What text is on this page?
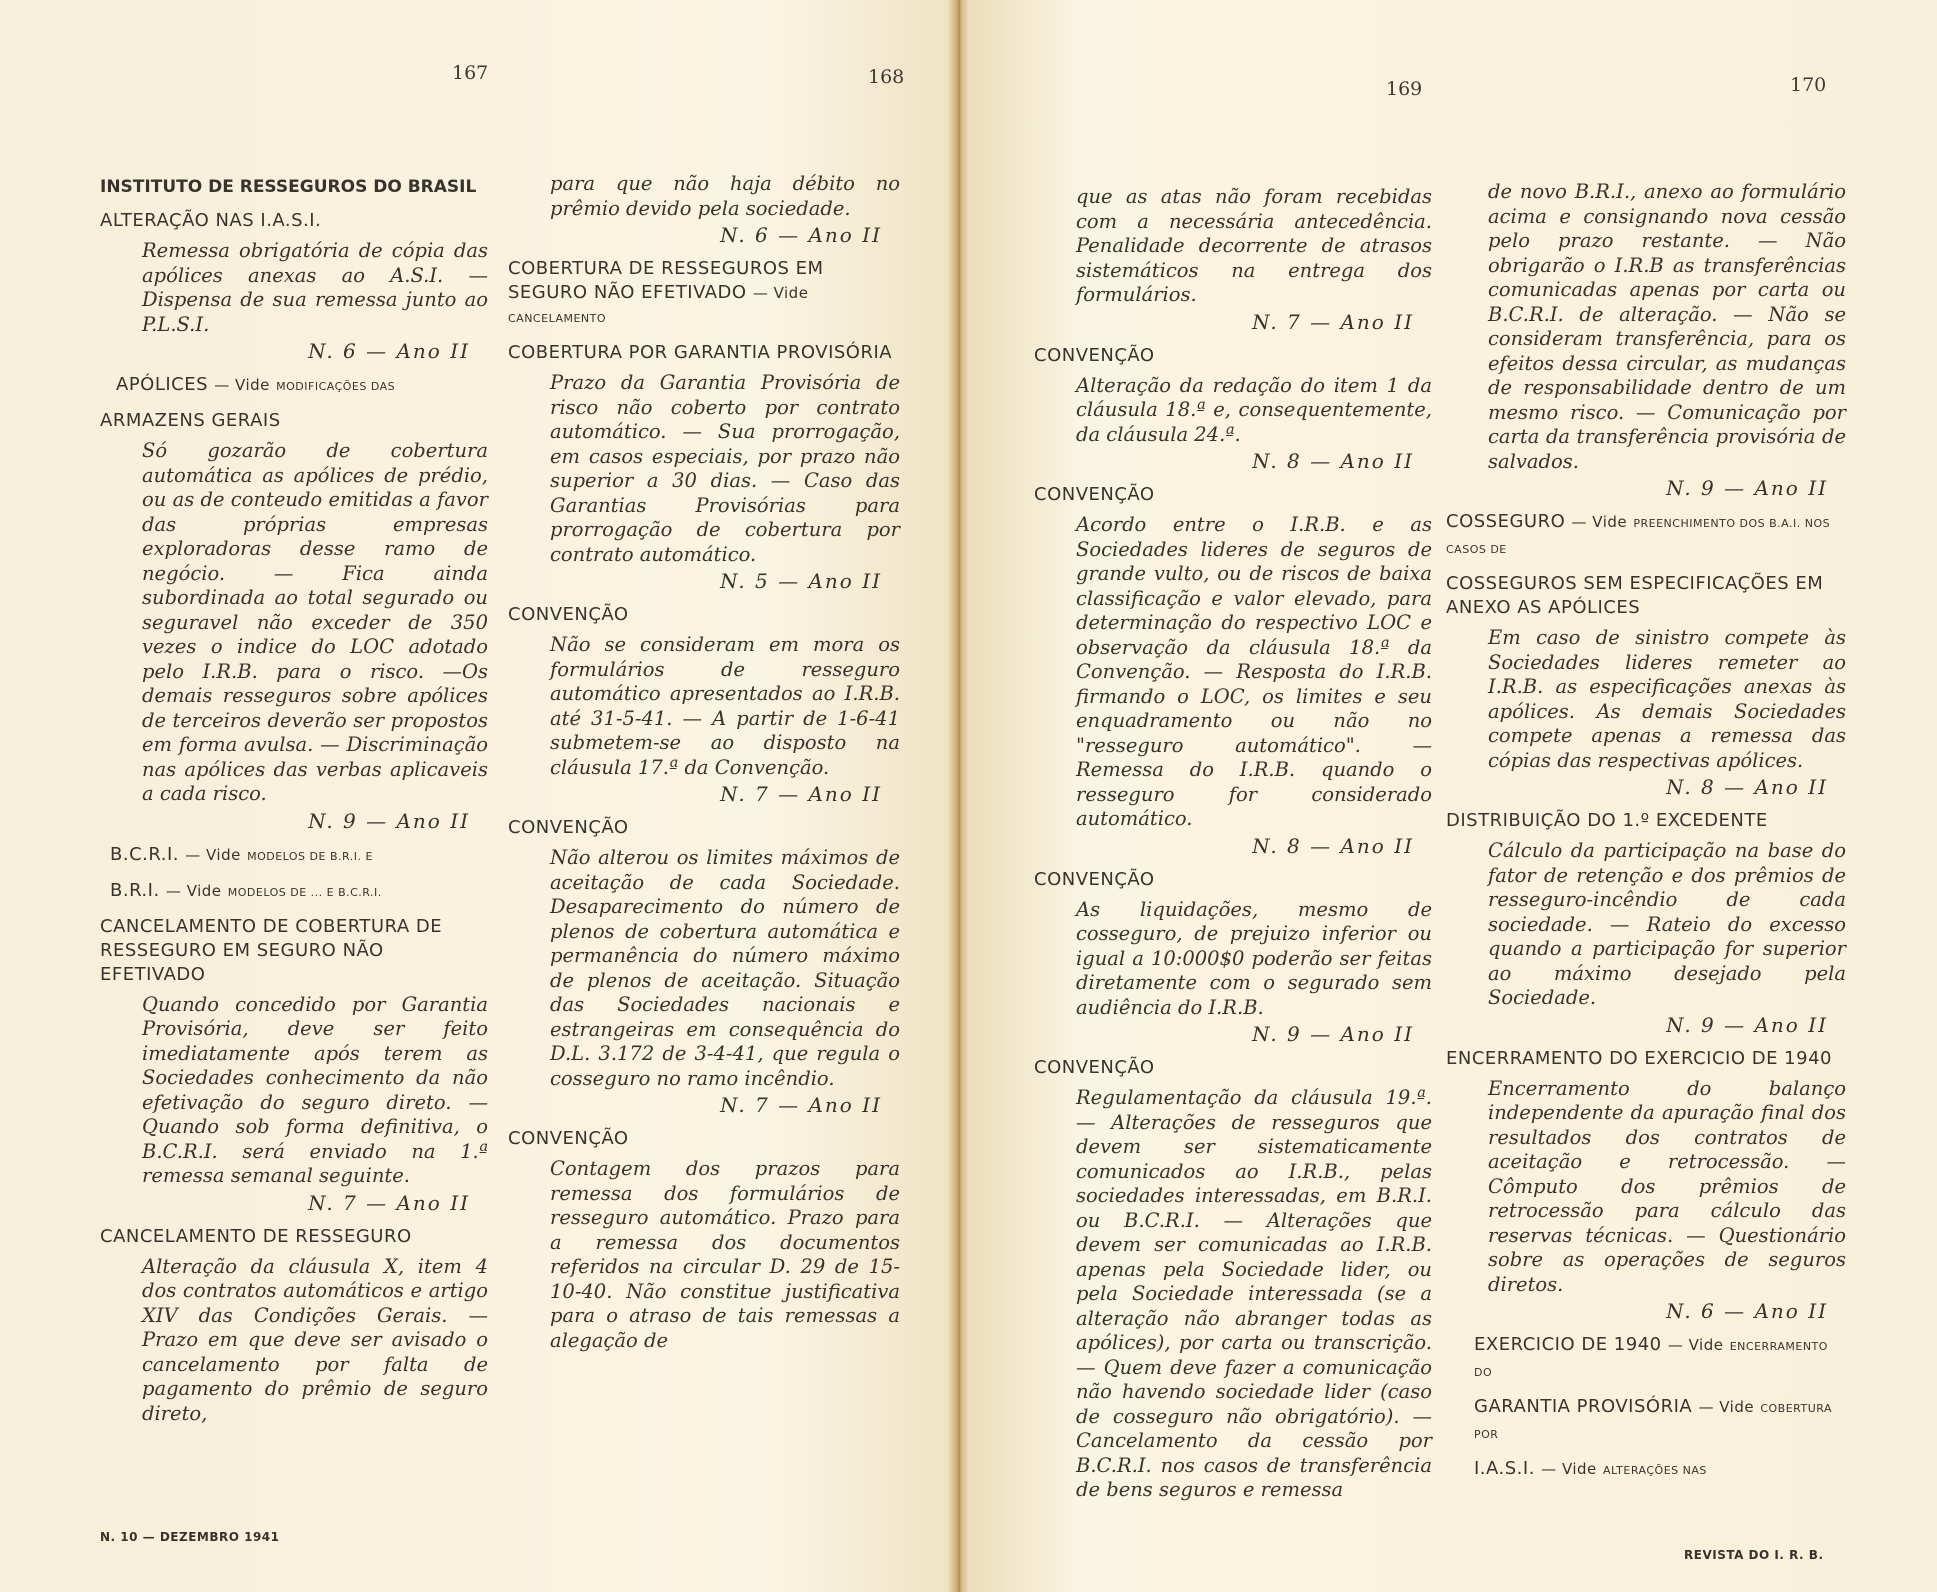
167	168
169	170
INSTITUTO DE RESSEGUROS DO BRASIL
ALTERAÇÃO NAS I.A.S.I.

Remessa obrigatória de cópia das apólices anexas ao A.S.I. — Dispensa de sua remessa junto ao P.L.S.I.

N. 6 — Ano II
APÓLICES — Vide MODIFICAÇÕES DAS
ARMAZENS GERAIS

Só gozarão de cobertura automática as apólices de prédio, ou as de conteudo emitidas a favor das próprias empresas exploradoras desse ramo de negócio. — Fica ainda subordinada ao total segurado ou seguravel não exceder de 350 vezes o indice do LOC adotado pelo I.R.B. para o risco. —Os demais resseguros sobre apólices de terceiros deverão ser propostos em forma avulsa. — Discriminação nas apólices das verbas aplicaveis a cada risco.

N. 9 — Ano II
B.C.R.I. — Vide MODELOS DE B.R.I. E
B.R.I. — Vide MODELOS DE ... E B.C.R.I.
CANCELAMENTO DE COBERTURA DE RESSEGURO EM SEGURO NÃO EFETIVADO

Quando concedido por Garantia Provisória, deve ser feito imediatamente após terem as Sociedades conhecimento da não efetivação do seguro direto. — Quando sob forma definitiva, o B.C.R.I. será enviado na 1.ª remessa semanal seguinte.

N. 7 — Ano II
CANCELAMENTO DE RESSEGURO

Alteração da cláusula X, item 4 dos contratos automáticos e artigo XIV das Condições Gerais. — Prazo em que deve ser avisado o cancelamento por falta de pagamento do prêmio de seguro direto,

para que não haja débito no prêmio devido pela sociedade.

N. 6 — Ano II
COBERTURA DE RESSEGUROS EM SEGURO NÃO EFETIVADO — Vide CANCELAMENTO
COBERTURA POR GARANTIA PROVISÓRIA

Prazo da Garantia Provisória de risco não coberto por contrato automático. — Sua prorrogação, em casos especiais, por prazo não superior a 30 dias. — Caso das Garantias Provisórias para prorrogação de cobertura por contrato automático.

N. 5 — Ano II
CONVENÇÃO

Não se consideram em mora os formulários de resseguro automático apresentados ao I.R.B. até 31-5-41. — A partir de 1-6-41 submetem-se ao disposto na cláusula 17.ª da Convenção.

N. 7 — Ano II
CONVENÇÃO

Não alterou os limites máximos de aceitação de cada Sociedade. Desaparecimento do número de plenos de cobertura automática e permanência do número máximo de plenos de aceitação. Situação das Sociedades nacionais e estrangeiras em consequência do D.L. 3.172 de 3-4-41, que regula o cosseguro no ramo incêndio.

N. 7 — Ano II
CONVENÇÃO

Contagem dos prazos para remessa dos formulários de resseguro automático. Prazo para a remessa dos documentos referidos na circular D. 29 de 15-10-40. Não constitue justificativa para o atraso de tais remessas a alegação de

que as atas não foram recebidas com a necessária antecedência. Penalidade decorrente de atrasos sistemáticos na entrega dos formulários.

N. 7 — Ano II
CONVENÇÃO

Alteração da redação do item 1 da cláusula 18.ª e, consequentemente, da cláusula 24.ª.

N. 8 — Ano II
CONVENÇÃO

Acordo entre o I.R.B. e as Sociedades lideres de seguros de grande vulto, ou de riscos de baixa classificação e valor elevado, para determinação do respectivo LOC e observação da cláusula 18.ª da Convenção. — Resposta do I.R.B. firmando o LOC, os limites e seu enquadramento ou não no "resseguro automático". — Remessa do I.R.B. quando o resseguro for considerado automático.

N. 8 — Ano II
CONVENÇÃO

As liquidações, mesmo de cosseguro, de prejuizo inferior ou igual a 10:000$0 poderão ser feitas diretamente com o segurado sem audiência do I.R.B.

N. 9 — Ano II
CONVENÇÃO

Regulamentação da cláusula 19.ª. — Alterações de resseguros que devem ser sistematicamente comunicados ao I.R.B., pelas sociedades interessadas, em B.R.I. ou B.C.R.I. — Alterações que devem ser comunicadas ao I.R.B. apenas pela Sociedade lider, ou pela Sociedade interessada (se a alteração não abranger todas as apólices), por carta ou transcrição. — Quem deve fazer a comunicação não havendo sociedade lider (caso de cosseguro não obrigatório). — Cancelamento da cessão por B.C.R.I. nos casos de transferência de bens seguros e remessa

de novo B.R.I., anexo ao formulário acima e consignando nova cessão pelo prazo restante. — Não obrigarão o I.R.B as transferências comunicadas apenas por carta ou B.C.R.I. de alteração. — Não se consideram transferência, para os efeitos dessa circular, as mudanças de responsabilidade dentro de um mesmo risco. — Comunicação por carta da transferência provisória de salvados.

N. 9 — Ano II
COSSEGURO — Vide PREENCHIMENTO DOS B.A.I. NOS CASOS DE
COSSEGUROS SEM ESPECIFICAÇÕES EM ANEXO AS APÓLICES

Em caso de sinistro compete às Sociedades lideres remeter ao I.R.B. as especificações anexas às apólices. As demais Sociedades compete apenas a remessa das cópias das respectivas apólices.

N. 8 — Ano II
DISTRIBUIÇÃO DO 1.º EXCEDENTE

Cálculo da participação na base do fator de retenção e dos prêmios de resseguro-incêndio de cada sociedade. — Rateio do excesso quando a participação for superior ao máximo desejado pela Sociedade.

N. 9 — Ano II
ENCERRAMENTO DO EXERCICIO DE 1940

Encerramento do balanço independente da apuração final dos resultados dos contratos de aceitação e retrocessão. — Cômputo dos prêmios de retrocessão para cálculo das reservas técnicas. — Questionário sobre as operações de seguros diretos.

N. 6 — Ano II
EXERCICIO DE 1940 — Vide ENCERRAMENTO DO
GARANTIA PROVISÓRIA — Vide COBERTURA POR
I.A.S.I. — Vide ALTERAÇÕES NAS
N. 10 — DEZEMBRO 1941
REVISTA DO I. R. B.
